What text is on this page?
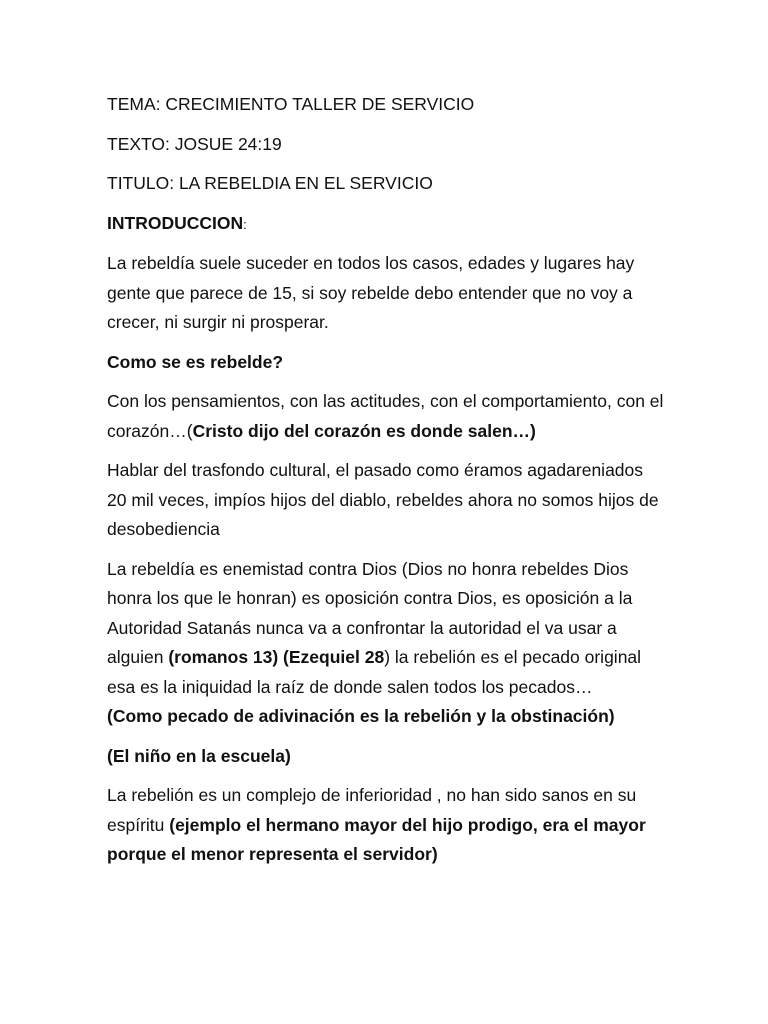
TEMA: CRECIMIENTO TALLER DE SERVICIO

TEXTO: JOSUE 24:19

TITULO: LA REBELDIA EN EL SERVICIO

INTRODUCCION:

La rebeldía suele suceder en todos los casos, edades y lugares hay gente que parece de 15, si soy rebelde debo entender que no voy a crecer, ni surgir ni prosperar.

Como se es rebelde?

Con los pensamientos, con las actitudes, con el comportamiento, con el corazón…(Cristo dijo del corazón es donde salen…)

Hablar del trasfondo cultural, el pasado como éramos agadareniados 20 mil veces, impíos hijos del diablo, rebeldes ahora no somos hijos de desobediencia

La rebeldía es enemistad contra Dios (Dios no honra rebeldes Dios honra los que le honran) es oposición contra Dios, es oposición a la Autoridad Satanás nunca va a confrontar la autoridad el va usar a alguien (romanos 13) (Ezequiel 28) la rebelión es el pecado original esa es la iniquidad la raíz de donde salen todos los pecados…
(Como pecado de adivinación es la rebelión y la obstinación)

(El niño en la escuela)

La rebelión es un complejo de inferioridad , no han sido sanos en su espíritu (ejemplo el hermano mayor del hijo prodigo, era el mayor porque el menor representa el servidor)
